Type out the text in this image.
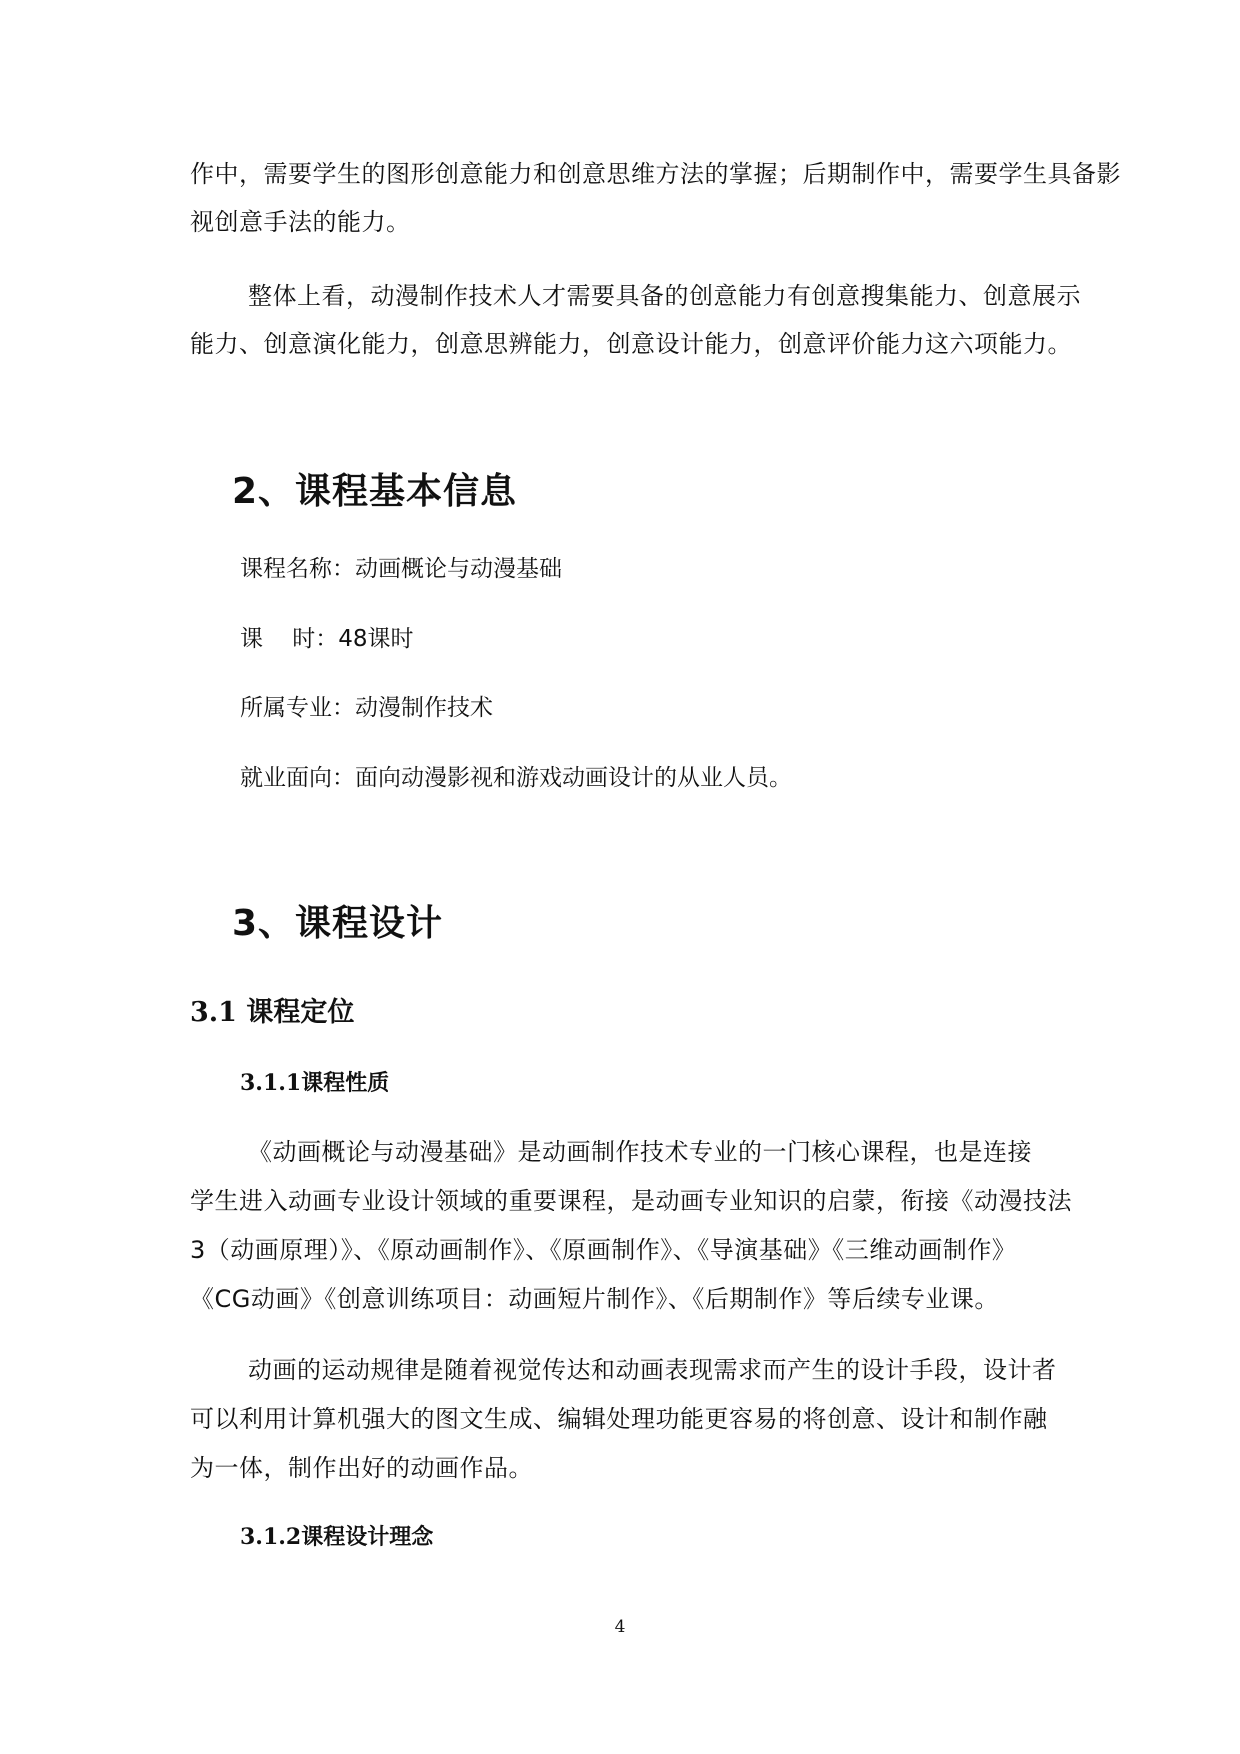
作中，需要学生的图形创意能力和创意思维方法的掌握；后期制作中，需要学生具备影
视创意手法的能力。
整体上看，动漫制作技术人才需要具备的创意能力有创意搜集能力、创意展示
能力、创意演化能力，创意思辨能力，创意设计能力，创意评价能力这六项能力。
2、课程基本信息
课程名称：动画概论与动漫基础
课    时：48课时
所属专业：动漫制作技术
就业面向：面向动漫影视和游戏动画设计的从业人员。
3、课程设计
3.1 课程定位
3.1.1课程性质
《动画概论与动漫基础》是动画制作技术专业的一门核心课程，也是连接
学生进入动画专业设计领域的重要课程，是动画专业知识的启蒙，衔接《动漫技法
3（动画原理）》、《原动画制作》、《原画制作》、《导演基础》《三维动画制作》
《CG动画》《创意训练项目：动画短片制作》、《后期制作》等后续专业课。
动画的运动规律是随着视觉传达和动画表现需求而产生的设计手段，设计者
可以利用计算机强大的图文生成、编辑处理功能更容易的将创意、设计和制作融
为一体，制作出好的动画作品。
3.1.2课程设计理念
4
